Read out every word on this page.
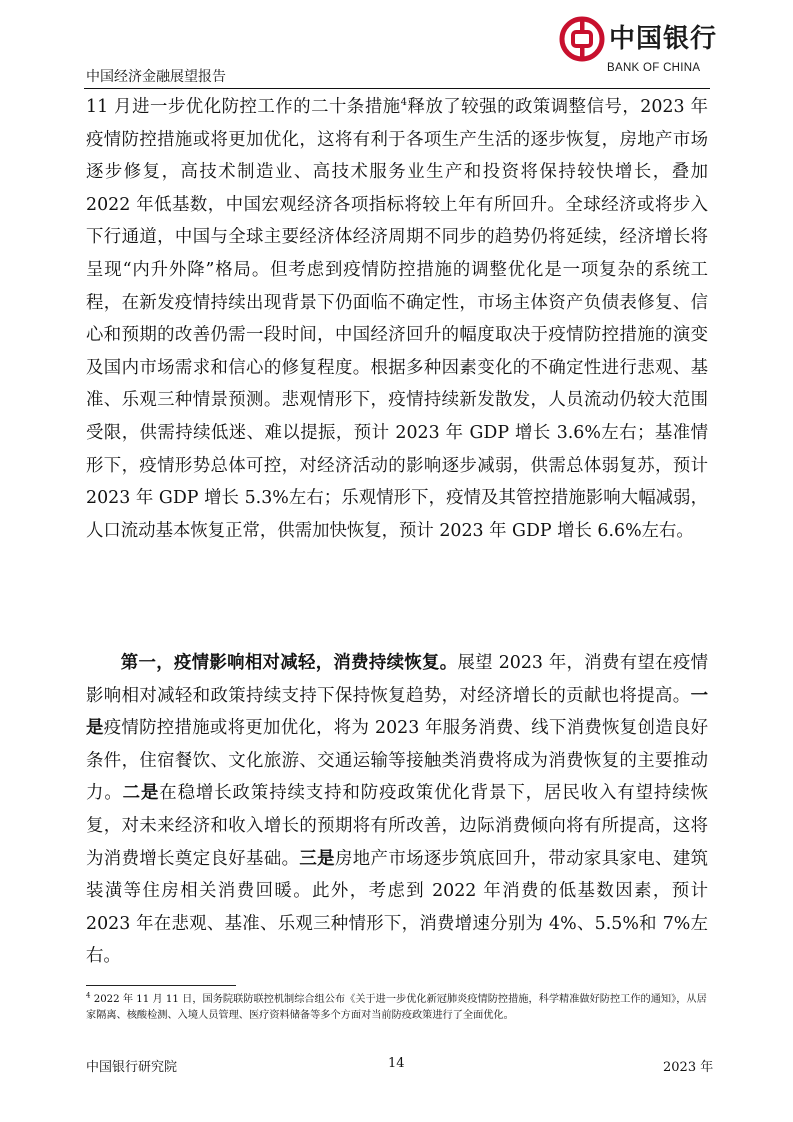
中国银行
BANK OF CHINA
中国经济金融展望报告
11 月进一步优化防控工作的二十条措施$^4$释放了较强的政策调整信号，2023 年疫情防控措施或将更加优化，这将有利于各项生产生活的逐步恢复，房地产市场逐步修复，高技术制造业、高技术服务业生产和投资将保持较快增长，叠加 2022 年低基数，中国宏观经济各项指标将较上年有所回升。全球经济或将步入下行通道，中国与全球主要经济体经济周期不同步的趋势仍将延续，经济增长将呈现“内升外降”格局。但考虑到疫情防控措施的调整优化是一项复杂的系统工程，在新发疫情持续出现背景下仍面临不确定性，市场主体资产负债表修复、信心和预期的改善仍需一段时间，中国经济回升的幅度取决于疫情防控措施的演变及国内市场需求和信心的修复程度。根据多种因素变化的不确定性进行悲观、基准、乐观三种情景预测。悲观情形下，疫情持续新发散发，人员流动仍较大范围受限，供需持续低迷、难以提振，预计 2023 年 GDP 增长 3.6%左右；基准情形下，疫情形势总体可控，对经济活动的影响逐步减弱，供需总体弱复苏，预计 2023 年 GDP 增长 5.3%左右；乐观情形下，疫情及其管控措施影响大幅减弱，人口流动基本恢复正常，供需加快恢复，预计 2023 年 GDP 增长 6.6%左右。
第一，疫情影响相对减轻，消费持续恢复。展望 2023 年，消费有望在疫情影响相对减轻和政策持续支持下保持恢复趋势，对经济增长的贡献也将提高。一是疫情防控措施或将更加优化，将为 2023 年服务消费、线下消费恢复创造良好条件，住宿餐饮、文化旅游、交通运输等接触类消费将成为消费恢复的主要推动力。二是在稳增长政策持续支持和防疫政策优化背景下，居民收入有望持续恢复，对未来经济和收入增长的预期将有所改善，边际消费倾向将有所提高，这将为消费增长奠定良好基础。三是房地产市场逐步筑底回升，带动家具家电、建筑装潢等住房相关消费回暖。此外，考虑到 2022 年消费的低基数因素，预计 2023 年在悲观、基准、乐观三种情形下，消费增速分别为 4%、5.5%和 7%左右。
$^4$ 2022 年 11 月 11 日，国务院联防联控机制综合组公布《关于进一步优化新冠肺炎疫情防控措施，科学精准做好防控工作的通知》，从居家隔离、核酸检测、入境人员管理、医疗资料储备等多个方面对当前防疫政策进行了全面优化。
中国银行研究院	14	2023 年
